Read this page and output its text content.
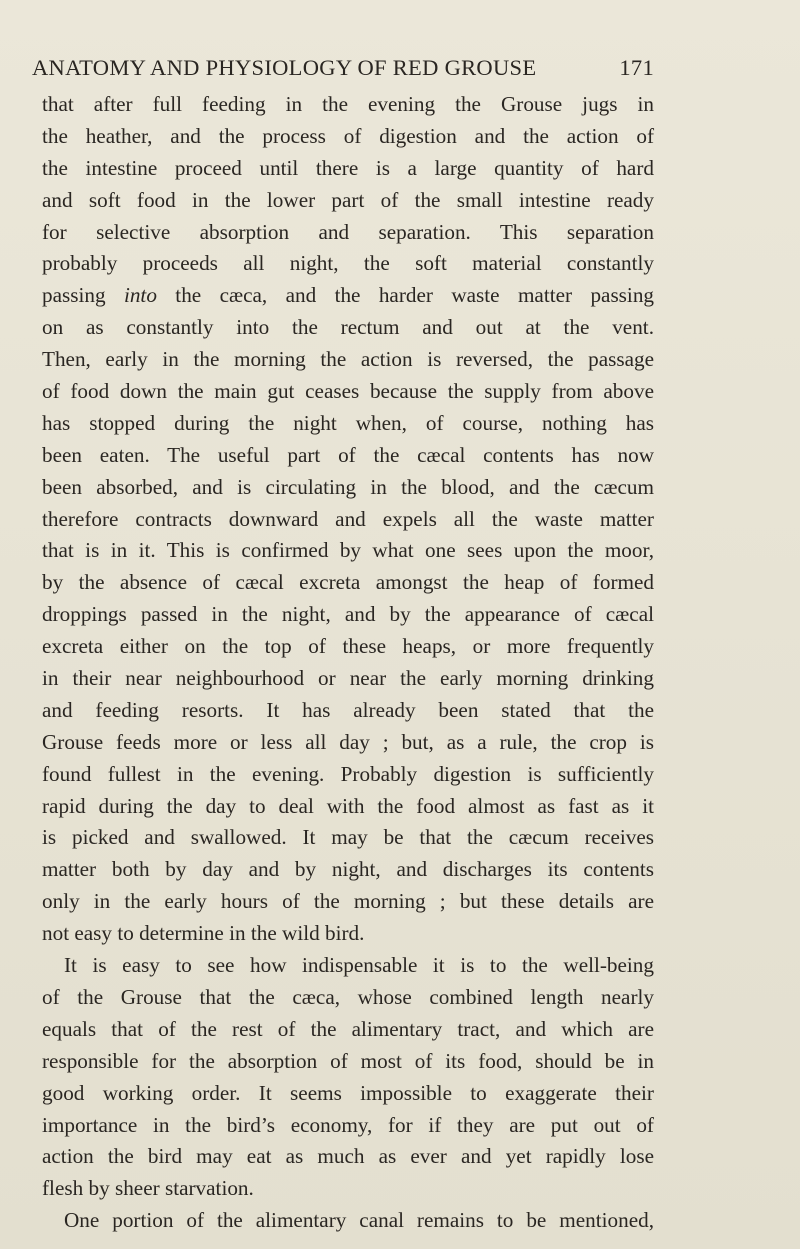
ANATOMY AND PHYSIOLOGY OF RED GROUSE	171
that after full feeding in the evening the Grouse jugs in
the heather, and the process of digestion and the action of
the intestine proceed until there is a large quantity of hard
and soft food in the lower part of the small intestine ready
for selective absorption and separation. This separation
probably proceeds all night, the soft material constantly
passing into the cæca, and the harder waste matter passing
on as constantly into the rectum and out at the vent.
Then, early in the morning the action is reversed, the passage
of food down the main gut ceases because the supply from above
has stopped during the night when, of course, nothing has
been eaten. The useful part of the cæcal contents has now
been absorbed, and is circulating in the blood, and the cæcum
therefore contracts downward and expels all the waste matter
that is in it. This is confirmed by what one sees upon the moor,
by the absence of cæcal excreta amongst the heap of formed
droppings passed in the night, and by the appearance of cæcal
excreta either on the top of these heaps, or more frequently
in their near neighbourhood or near the early morning drinking
and feeding resorts. It has already been stated that the
Grouse feeds more or less all day ; but, as a rule, the crop is
found fullest in the evening. Probably digestion is sufficiently
rapid during the day to deal with the food almost as fast as it
is picked and swallowed. It may be that the cæcum receives
matter both by day and by night, and discharges its contents
only in the early hours of the morning ; but these details are
not easy to determine in the wild bird.
It is easy to see how indispensable it is to the well-being
of the Grouse that the cæca, whose combined length nearly
equals that of the rest of the alimentary tract, and which are
responsible for the absorption of most of its food, should be in
good working order. It seems impossible to exaggerate their
importance in the bird’s economy, for if they are put out of
action the bird may eat as much as ever and yet rapidly lose
flesh by sheer starvation.
One portion of the alimentary canal remains to be mentioned,
